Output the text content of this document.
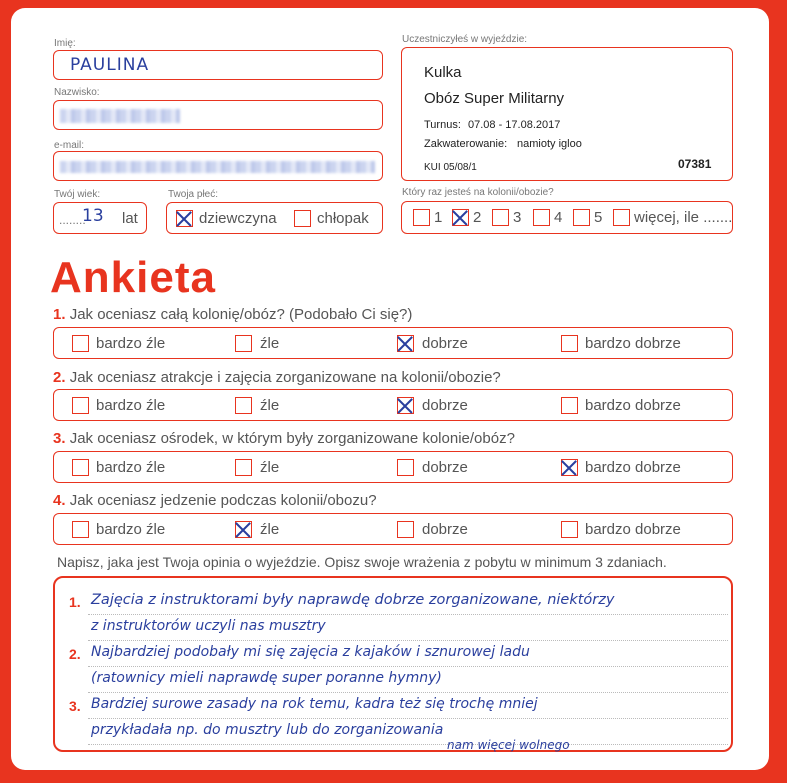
Imię:
PAULINA
Nazwisko:
e-mail:
Twój wiek:
........
13 lat
Twoja płeć:
dziewczyna	chłopak
Uczestniczyłeś w wyjeździe:
Kulka
Obóz Super Militarny
Turnus: 07.08 - 17.08.2017
Zakwaterowanie: namioty igloo
KUI 05/08/1	07381
Który raz jesteś na kolonii/obozie?
1 2 3 4 5 więcej, ile .......
Ankieta
1. Jak oceniasz całą kolonię/obóz? (Podobało Ci się?)
bardzo źle	źle	dobrze	bardzo dobrze
2. Jak oceniasz atrakcje i zajęcia zorganizowane na kolonii/obozie?
bardzo źle	źle	dobrze	bardzo dobrze
3. Jak oceniasz ośrodek, w którym były zorganizowane kolonie/obóz?
bardzo źle	źle	dobrze	bardzo dobrze
4. Jak oceniasz jedzenie podczas kolonii/obozu?
bardzo źle	źle	dobrze	bardzo dobrze
Napisz, jaka jest Twoja opinia o wyjeździe. Opisz swoje wrażenia z pobytu w minimum 3 zdaniach.
1.
2.
3.
Zajęcia z instruktorami były naprawdę dobrze zorganizowane, niektórzy
z instruktorów uczyli nas musztry
Najbardziej podobały mi się zajęcia z kajaków i sznurowej ladu
(ratownicy mieli naprawdę super poranne hymny)
Bardziej surowe zasady na rok temu, kadra też się trochę mniej
przykładała np. do musztry lub do zorganizowania
nam więcej wolnego
